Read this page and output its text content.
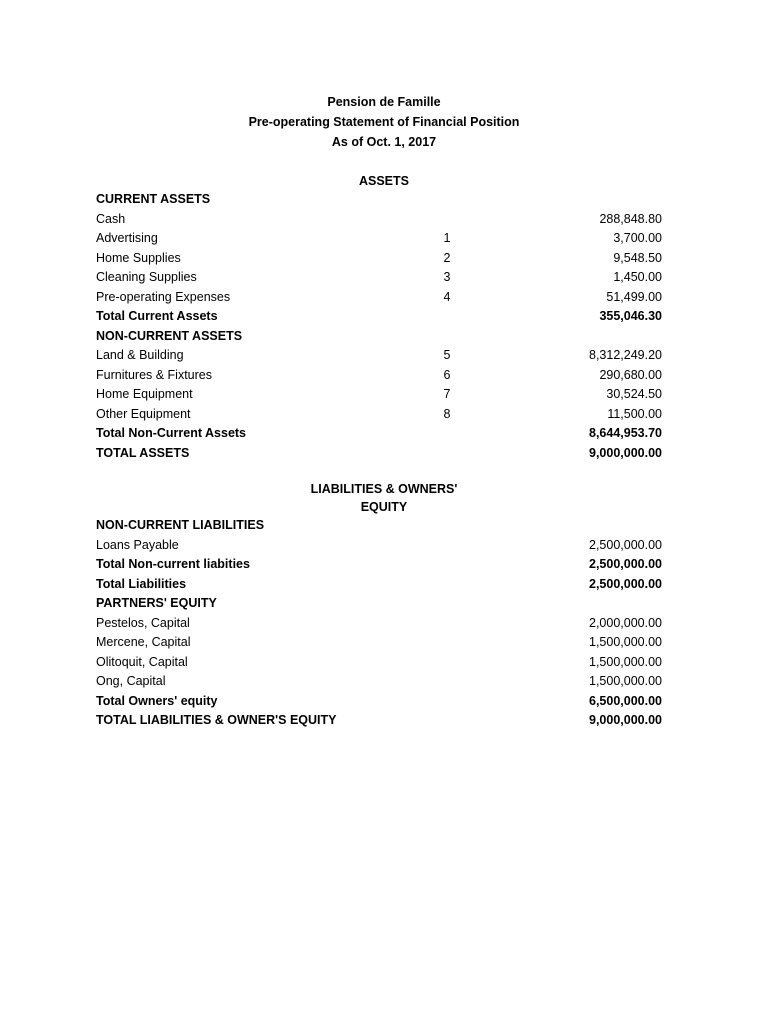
Pension de Famille
Pre-operating Statement of Financial Position
As of Oct. 1, 2017
ASSETS
CURRENT ASSETS
Cash	288,848.80
Advertising	1	3,700.00
Home Supplies	2	9,548.50
Cleaning Supplies	3	1,450.00
Pre-operating Expenses	4	51,499.00
Total Current Assets	355,046.30
NON-CURRENT ASSETS
Land & Building	5	8,312,249.20
Furnitures & Fixtures	6	290,680.00
Home Equipment	7	30,524.50
Other Equipment	8	11,500.00
Total Non-Current Assets	8,644,953.70
TOTAL ASSETS	9,000,000.00
LIABILITIES & OWNERS'
EQUITY
NON-CURRENT LIABILITIES
Loans Payable	2,500,000.00
Total Non-current liabities	2,500,000.00
Total Liabilities	2,500,000.00
PARTNERS' EQUITY
Pestelos, Capital	2,000,000.00
Mercene, Capital	1,500,000.00
Olitoquit, Capital	1,500,000.00
Ong, Capital	1,500,000.00
Total Owners' equity	6,500,000.00
TOTAL LIABILITIES & OWNER'S EQUITY	9,000,000.00
